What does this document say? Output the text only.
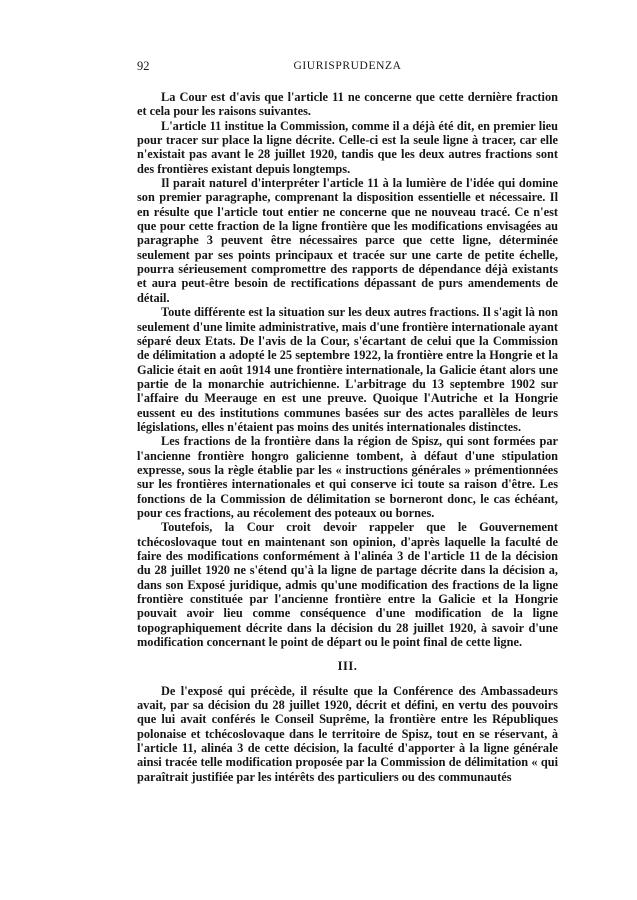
92	GIURISPRUDENZA

La Cour est d'avis que l'article 11 ne concerne que cette dernière fraction et cela pour les raisons suivantes.

L'article 11 institue la Commission, comme il a déjà été dit, en premier lieu pour tracer sur place la ligne décrite. Celle-ci est la seule ligne à tracer, car elle n'existait pas avant le 28 juillet 1920, tandis que les deux autres fractions sont des frontières existant depuis longtemps.

Il parait naturel d'interpréter l'article 11 à la lumière de l'idée qui domine son premier paragraphe, comprenant la disposition essentielle et nécessaire. Il en résulte que l'article tout entier ne concerne que ne nouveau tracé. Ce n'est que pour cette fraction de la ligne frontière que les modifications envisagées au paragraphe 3 peuvent être nécessaires parce que cette ligne, déterminée seulement par ses points principaux et tracée sur une carte de petite échelle, pourra sérieusement compromettre des rapports de dépendance déjà existants et aura peut-être besoin de rectifications dépassant de purs amendements de détail.

Toute différente est la situation sur les deux autres fractions. Il s'agit là non seulement d'une limite administrative, mais d'une frontière internationale ayant séparé deux Etats. De l'avis de la Cour, s'écartant de celui que la Commission de délimitation a adopté le 25 septembre 1922, la frontière entre la Hongrie et la Galicie était en août 1914 une frontière internationale, la Galicie étant alors une partie de la monarchie autrichienne. L'arbitrage du 13 septembre 1902 sur l'affaire du Meerauge en est une preuve. Quoique l'Autriche et la Hongrie eussent eu des institutions communes basées sur des actes parallèles de leurs législations, elles n'étaient pas moins des unités internationales distinctes.

Les fractions de la frontière dans la région de Spisz, qui sont formées par l'ancienne frontière hongro galicienne tombent, à défaut d'une stipulation expresse, sous la règle établie par les « instructions générales » prémentionnées sur les frontières internationales et qui conserve ici toute sa raison d'être. Les fonctions de la Commission de délimitation se borneront donc, le cas échéant, pour ces fractions, au récolement des poteaux ou bornes.

Toutefois, la Cour croit devoir rappeler que le Gouvernement tchécoslovaque tout en maintenant son opinion, d'après laquelle la faculté de faire des modifications conformément à l'alinéa 3 de l'article 11 de la décision du 28 juillet 1920 ne s'étend qu'à la ligne de partage décrite dans la décision a, dans son Exposé juridique, admis qu'une modification des fractions de la ligne frontière constituée par l'ancienne frontière entre la Galicie et la Hongrie pouvait avoir lieu comme conséquence d'une modification de la ligne topographiquement décrite dans la décision du 28 juillet 1920, à savoir d'une modification concernant le point de départ ou le point final de cette ligne.

III.

De l'exposé qui précède, il résulte que la Conférence des Ambassadeurs avait, par sa décision du 28 juillet 1920, décrit et défini, en vertu des pouvoirs que lui avait conférés le Conseil Suprême, la frontière entre les Républiques polonaise et tchécoslovaque dans le territoire de Spisz, tout en se réservant, à l'article 11, alinéa 3 de cette décision, la faculté d'apporter à la ligne générale ainsi tracée telle modification proposée par la Commission de délimitation « qui paraîtrait justifiée par les intérêts des particuliers ou des communautés
